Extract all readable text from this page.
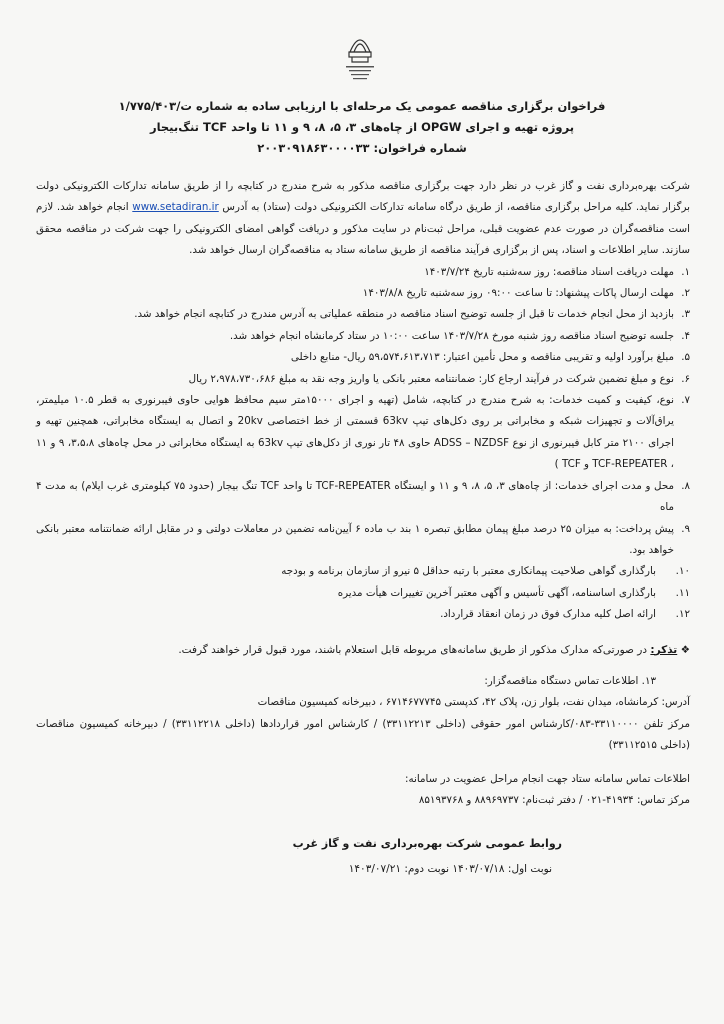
فراخوان برگزاری مناقصه عمومی یک مرحله‌ای با ارزیابی ساده به شماره ت/۱/۷۷۵/۴۰۳
پروژه تهیه و اجرای OPGW از چاه‌های ۳، ۵، ۸، ۹ و ۱۱ تا واحد TCF تنگ‌بیجار
شماره فراخوان: ۲۰۰۳۰۹۱۸۶۳۰۰۰۰۳۳

شرکت بهره‌برداری نفت و گاز غرب در نظر دارد جهت برگزاری مناقصه مذکور به شرح مندرج در کتابچه را از طریق سامانه تدارکات الکترونیکی دولت برگزار نماید. کلیه مراحل برگزاری مناقصه، از طریق درگاه سامانه تدارکات الکترونیکی دولت (ستاد) به آدرس www.setadiran.ir انجام خواهد شد. لازم است مناقصه‌گران در صورت عدم عضویت قبلی، مراحل ثبت‌نام در سایت مذکور و دریافت گواهی امضای الکترونیکی را جهت شرکت در مناقصه محقق سازند. سایر اطلاعات و اسناد، پس از برگزاری فرآیند مناقصه از طریق سامانه ستاد به مناقصه‌گران ارسال خواهد شد.

۱.
مهلت دریافت اسناد مناقصه: روز سه‌شنبه تاریخ ۱۴۰۳/۷/۲۴
۲.
مهلت ارسال پاکات پیشنهاد: تا ساعت ۰۹:۰۰ روز سه‌شنبه تاریخ ۱۴۰۳/۸/۸
۳.
بازدید از محل انجام خدمات تا قبل از جلسه توضیح اسناد مناقصه در منطقه عملیاتی به آدرس مندرج در کتابچه انجام خواهد شد.
۴.
جلسه توضیح اسناد مناقصه روز شنبه مورخ ۱۴۰۳/۷/۲۸ ساعت ۱۰:۰۰ در ستاد کرمانشاه انجام خواهد شد.
۵.
مبلغ برآورد اولیه و تقریبی مناقصه و محل تأمین اعتبار: ۵۹،۵۷۴،۶۱۳،۷۱۳ ریال- منابع داخلی
۶.
نوع و مبلغ تضمین شرکت در فرآیند ارجاع کار: ضمانتنامه معتبر بانکی یا واریز وجه نقد به مبلغ ۲،۹۷۸،۷۳۰،۶۸۶ ریال
۷.
نوع، کیفیت و کمیت خدمات: به شرح مندرج در کتابچه، شامل (تهیه و اجرای ۱۵۰۰۰متر سیم محافظ هوایی حاوی فیبرنوری به قطر ۱۰.۵ میلیمتر، یراق‌آلات و تجهیزات شبکه و مخابراتی بر روی دکل‌های تیپ 63kv قسمتی از خط اختصاصی 20kv و اتصال به ایستگاه مخابراتی، همچنین تهیه و اجرای ۲۱۰۰ متر کابل فیبرنوری از نوع ADSS – NZDSF حاوی ۴۸ تار نوری از دکل‌های تیپ 63kv به ایستگاه مخابراتی در محل چاه‌های ۳،۵،۸، ۹ و ۱۱ ، TCF-REPEATER و TCF )
۸.
محل و مدت اجرای خدمات: از چاه‌های ۳، ۵، ۸، ۹ و ۱۱ و ایستگاه TCF-REPEATER تا واحد TCF تنگ بیجار (حدود ۷۵ کیلومتری غرب ایلام) به مدت ۴ ماه
۹.
پیش پرداخت: به میزان ۲۵ درصد مبلغ پیمان مطابق تبصره ۱ بند ب ماده ۶ آیین‌نامه تضمین در معاملات دولتی و در مقابل ارائه ضمانتنامه معتبر بانکی خواهد بود.
۱۰.
بارگذاری گواهی صلاحیت پیمانکاری معتبر با رتبه حداقل ۵ نیرو از سازمان برنامه و بودجه
۱۱.
بارگذاری اساسنامه، آگهی تأسیس و آگهی معتبر آخرین تغییرات هیأت مدیره
۱۲.
ارائه اصل کلیه مدارک فوق در زمان انعقاد قرارداد.
❖ تذکر: در صورتی‌که مدارک مذکور از طریق سامانه‌های مربوطه قابل استعلام باشند، مورد قبول قرار خواهند گرفت.

۱۳. اطلاعات تماس دستگاه مناقصه‌گزار:

آدرس: کرمانشاه، میدان نفت، بلوار زن، پلاک ۴۲، کدپستی ۶۷۱۴۶۷۷۷۴۵ ، دبیرخانه کمیسیون مناقصات

مرکز تلفن ۳۳۱۱۰۰۰۰-۰۸۳/کارشناس امور حقوقی (داخلی ۳۳۱۱۲۲۱۳) / کارشناس امور قراردادها (داخلی ۳۳۱۱۲۲۱۸) / دبیرخانه کمیسیون مناقصات (داخلی ۳۳۱۱۲۵۱۵)

اطلاعات تماس سامانه ستاد جهت انجام مراحل عضویت در سامانه:

مرکز تماس: ۴۱۹۳۴-۰۲۱ / دفتر ثبت‌نام: ۸۸۹۶۹۷۳۷ و ۸۵۱۹۳۷۶۸

روابط عمومی شرکت بهره‌برداری نفت و گاز غرب
نوبت اول: ۱۴۰۳/۰۷/۱۸ نوبت دوم: ۱۴۰۳/۰۷/۲۱
